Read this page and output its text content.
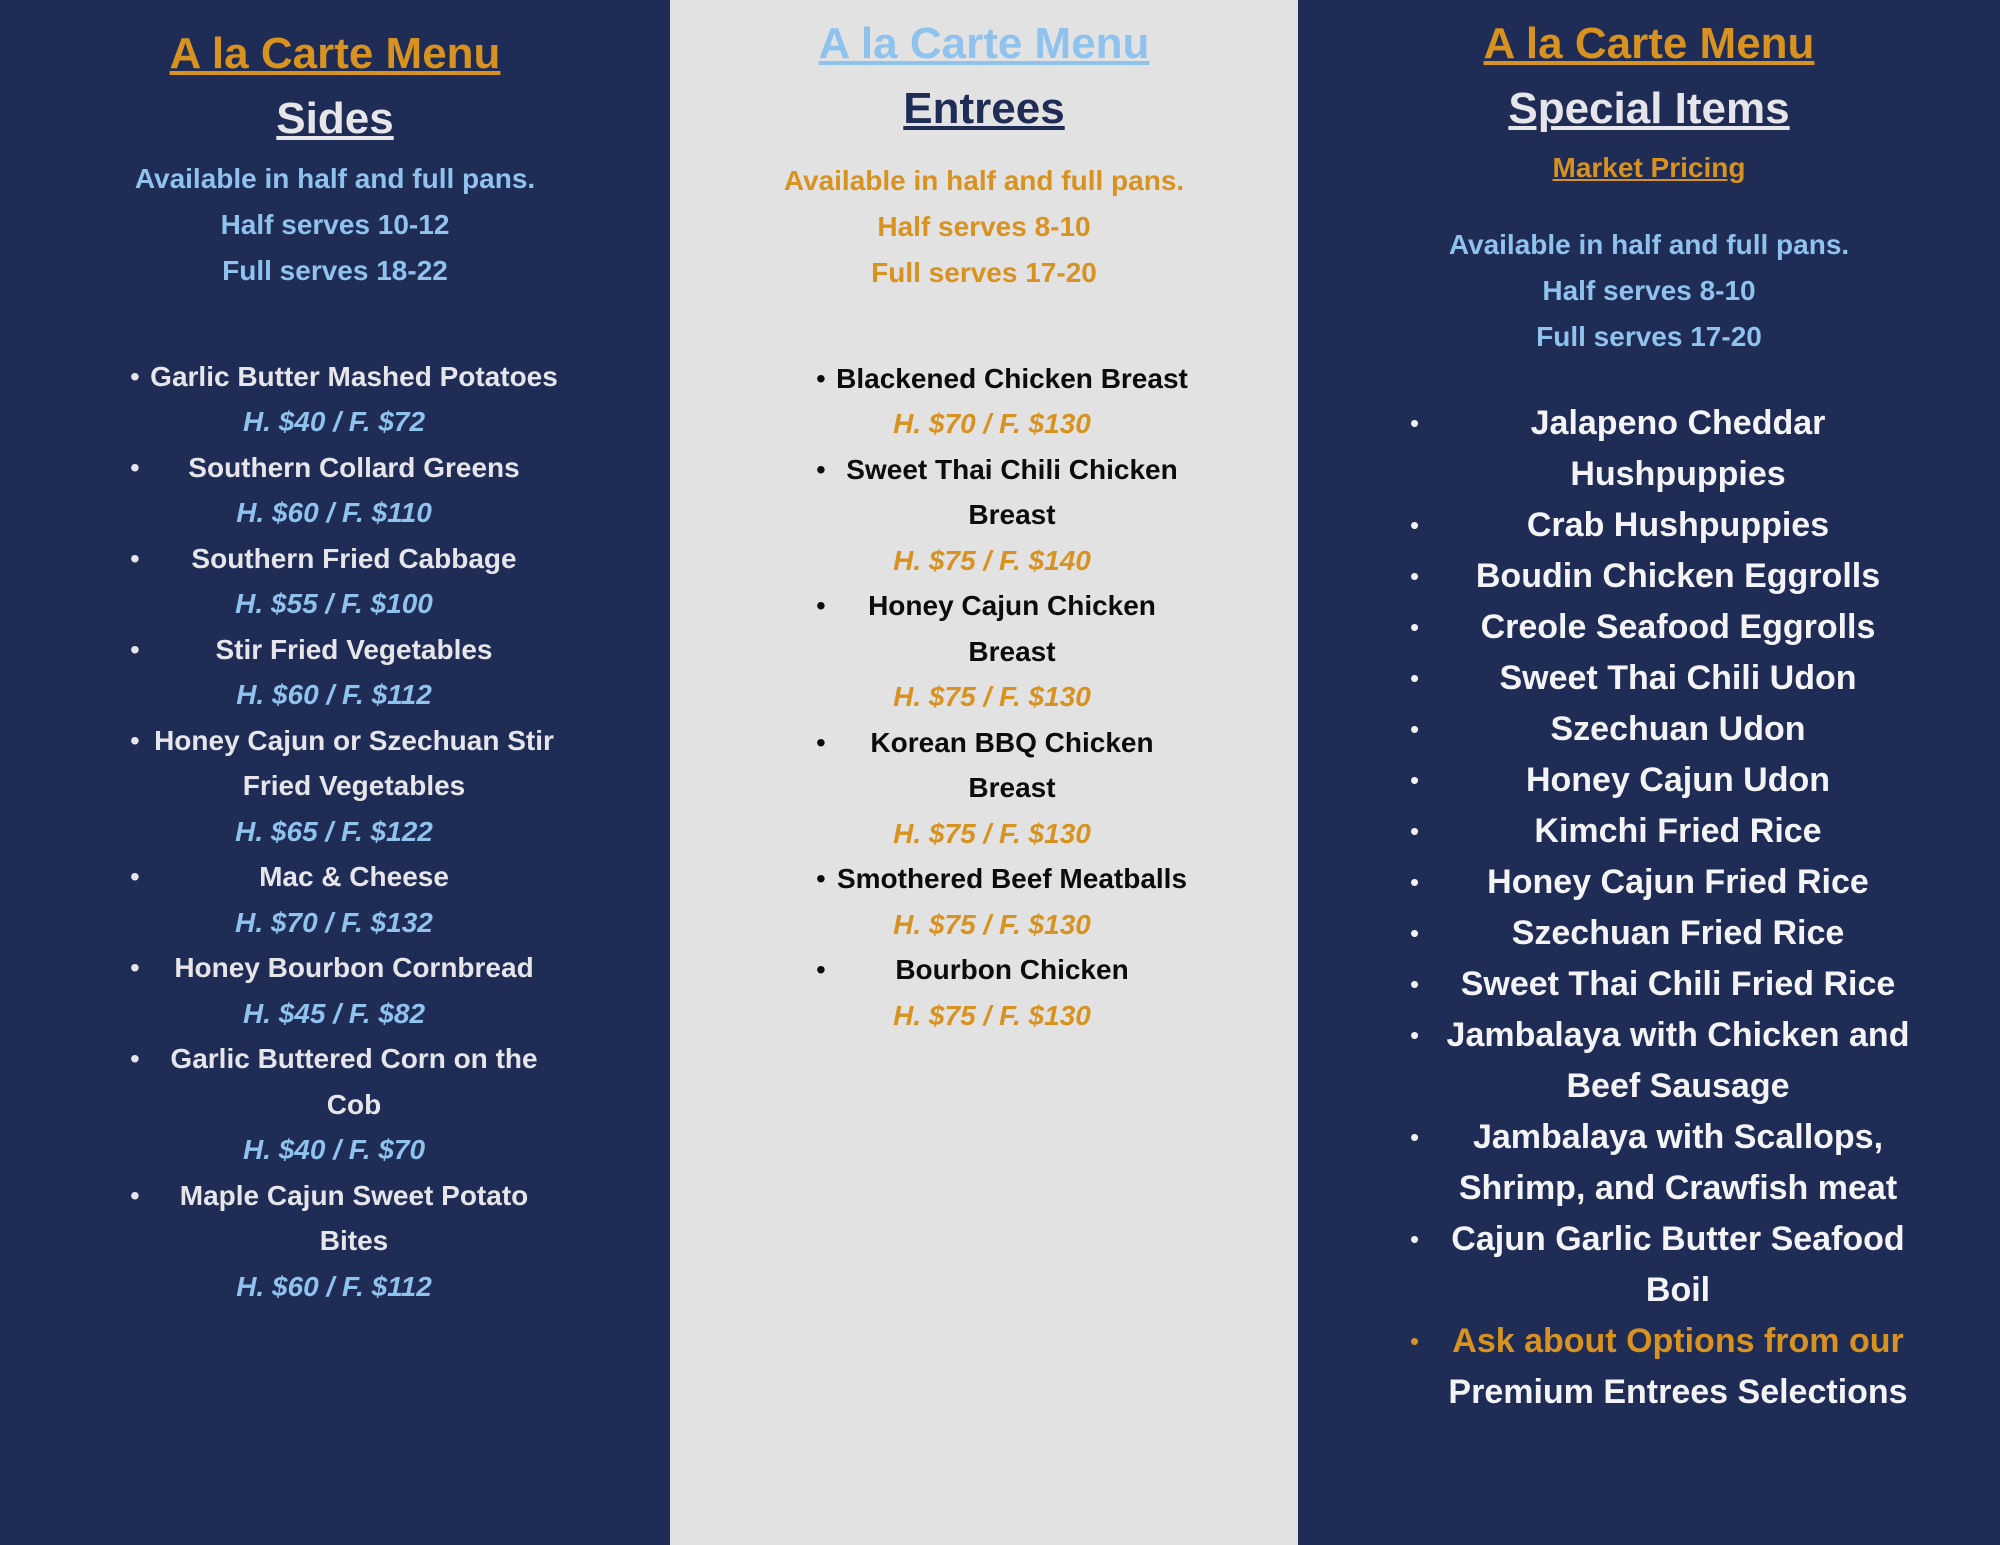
A la Carte Menu
Sides

Available in half and full pans.

Half serves 10-12

Full serves 18-22

• Garlic Butter Mashed Potatoes
H. $40 / F. $72
• Southern Collard Greens
H. $60 / F. $110
• Southern Fried Cabbage
H. $55 / F. $100
•	Stir Fried Vegetables
H. $60 / F. $112
• Honey Cajun or Szechuan Stir Fried Vegetables
H. $65 / F. $122
•	Mac & Cheese
H. $70 / F. $132
• Honey Bourbon Cornbread
H. $45 / F. $82
• Garlic Buttered Corn on the Cob
H. $40 / F. $70
• Maple Cajun Sweet Potato Bites
H. $60 / F. $112
A la Carte Menu
Entrees

Available in half and full pans.

Half serves 8-10

Full serves 17-20

• Blackened Chicken Breast
H. $70 / F. $130
• Sweet Thai Chili Chicken Breast
H. $75 / F. $140
• Honey Cajun Chicken Breast
H. $75 / F. $130
• Korean BBQ Chicken Breast
H. $75 / F. $130
• Smothered Beef Meatballs
H. $75 / F. $130
• Bourbon Chicken
H. $75 / F. $130
A la Carte Menu
Special Items
Market Pricing

Available in half and full pans.

Half serves 8-10

Full serves 17-20

•	Jalapeno Cheddar Hushpuppies
•	Crab Hushpuppies
• Boudin Chicken Eggrolls
• Creole Seafood Eggrolls
• Sweet Thai Chili Udon
•	Szechuan Udon
•	Honey Cajun Udon
•	Kimchi Fried Rice
• Honey Cajun Fried Rice
•	Szechuan Fried Rice
• Sweet Thai Chili Fried Rice
• Jambalaya with Chicken and Beef Sausage
• Jambalaya with Scallops, Shrimp, and Crawfish meat
• Cajun Garlic Butter Seafood Boil
• Ask about Options from our Premium Entrees Selections
